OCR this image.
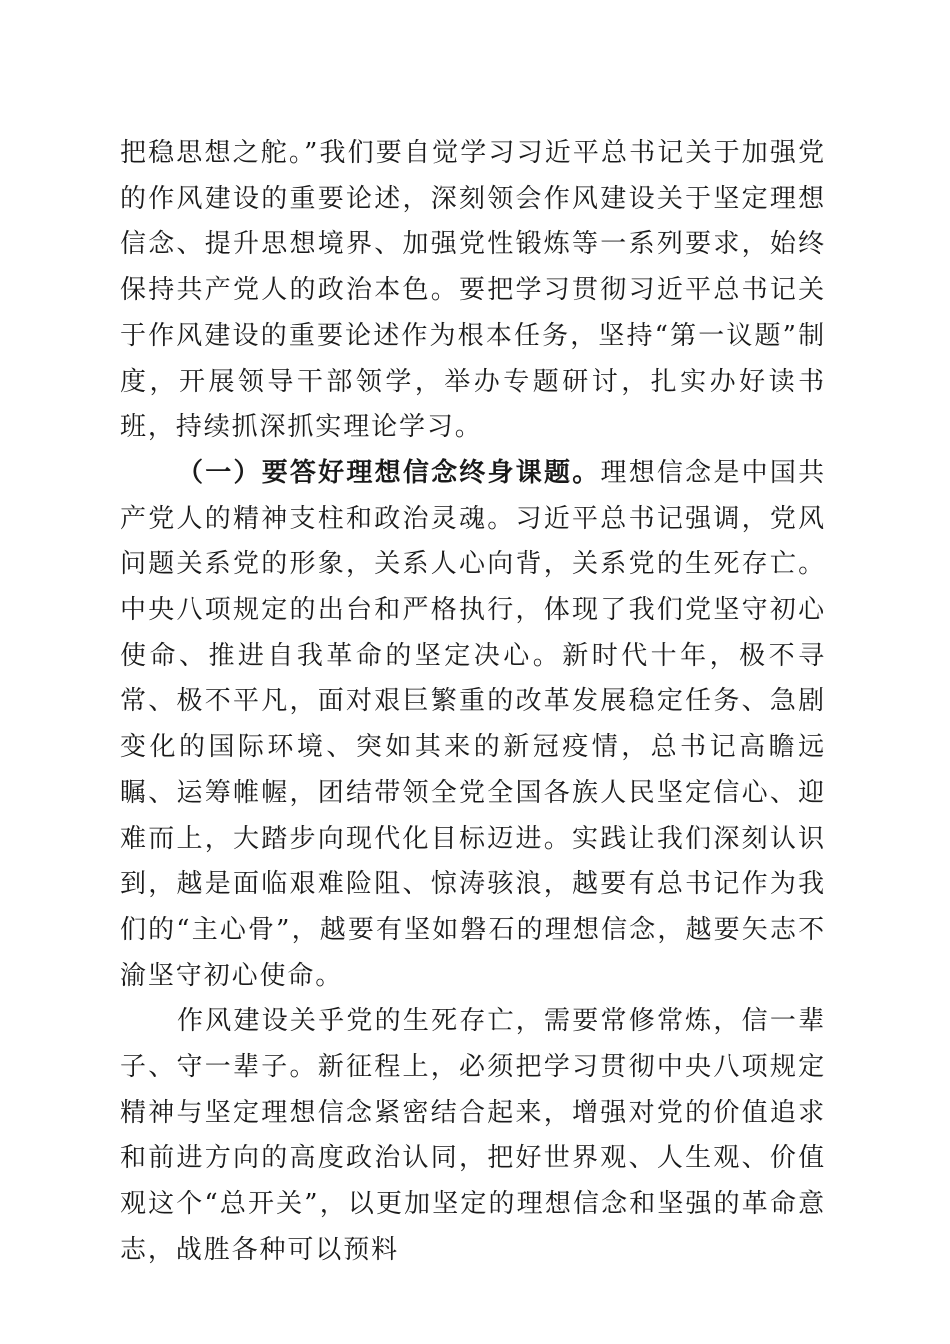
把稳思想之舵。”我们要自觉学习习近平总书记关于加强党的作风建设的重要论述，深刻领会作风建设关于坚定理想信念、提升思想境界、加强党性锻炼等一系列要求，始终保持共产党人的政治本色。要把学习贯彻习近平总书记关于作风建设的重要论述作为根本任务，坚持“第一议题”制度，开展领导干部领学，举办专题研讨，扎实办好读书班，持续抓深抓实理论学习。

（一）要答好理想信念终身课题。理想信念是中国共产党人的精神支柱和政治灵魂。习近平总书记强调，党风问题关系党的形象，关系人心向背，关系党的生死存亡。中央八项规定的出台和严格执行，体现了我们党坚守初心使命、推进自我革命的坚定决心。新时代十年，极不寻常、极不平凡，面对艰巨繁重的改革发展稳定任务、急剧变化的国际环境、突如其来的新冠疫情，总书记高瞻远瞩、运筹帷幄，团结带领全党全国各族人民坚定信心、迎难而上，大踏步向现代化目标迈进。实践让我们深刻认识到，越是面临艰难险阻、惊涛骇浪，越要有总书记作为我们的“主心骨”，越要有坚如磐石的理想信念，越要矢志不渝坚守初心使命。

作风建设关乎党的生死存亡，需要常修常炼，信一辈子、守一辈子。新征程上，必须把学习贯彻中央八项规定精神与坚定理想信念紧密结合起来，增强对党的价值追求和前进方向的高度政治认同，把好世界观、人生观、价值观这个“总开关”，以更加坚定的理想信念和坚强的革命意志，战胜各种可以预料
